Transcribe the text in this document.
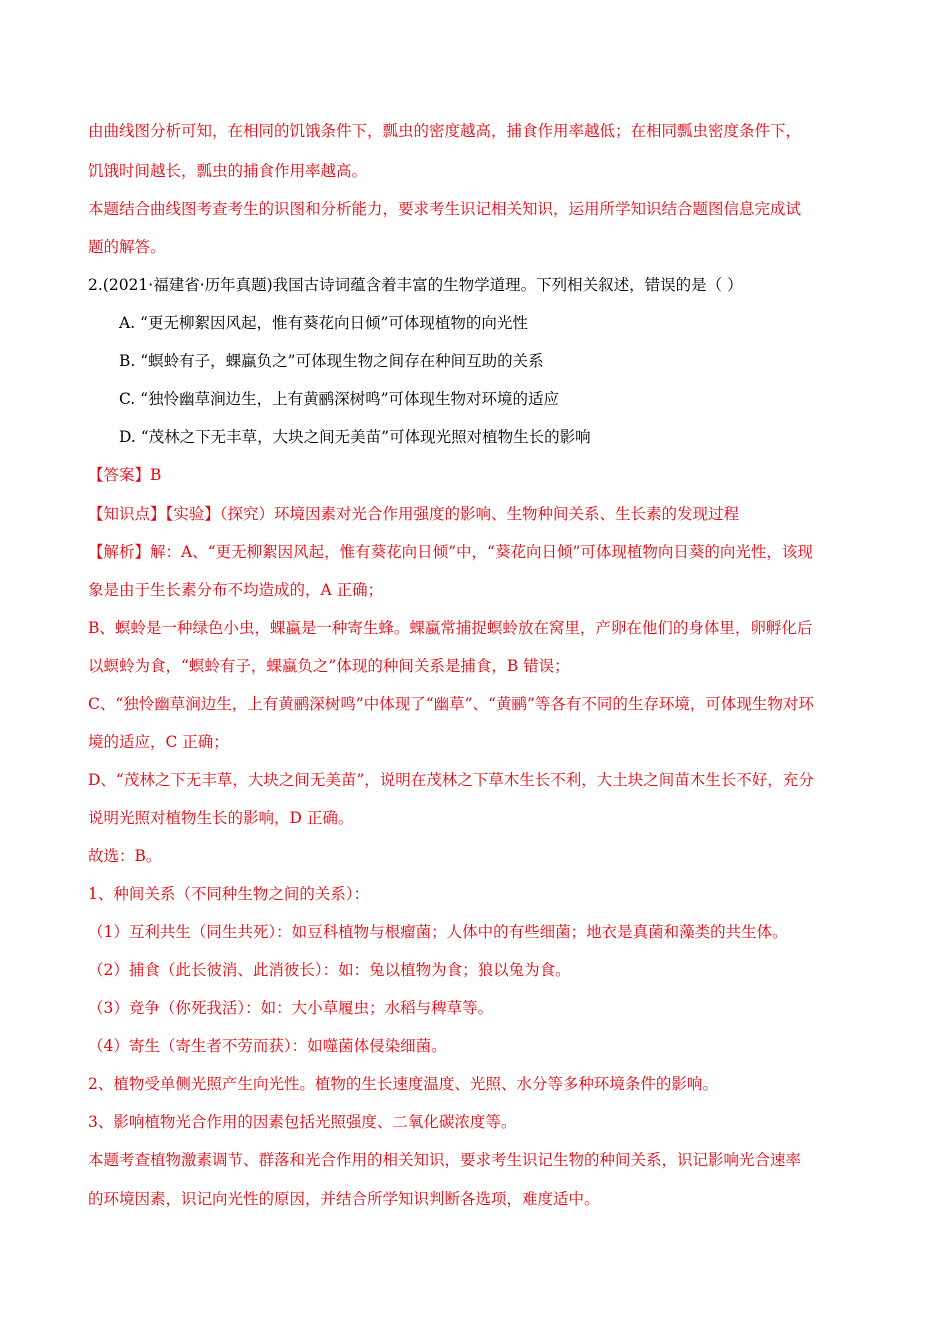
由曲线图分析可知，在相同的饥饿条件下，瓢虫的密度越高，捕食作用率越低；在相同瓢虫密度条件下，
饥饿时间越长，瓢虫的捕食作用率越高。
本题结合曲线图考查考生的识图和分析能力，要求考生识记相关知识，运用所学知识结合题图信息完成试
题的解答。
2.(2021·福建省·历年真题)我国古诗词蕴含着丰富的生物学道理。下列相关叙述，错误的是（ ）
A. “更无柳絮因风起，惟有葵花向日倾”可体现植物的向光性
B. “螟蛉有子，蜾蠃负之”可体现生物之间存在种间互助的关系
C. “独怜幽草涧边生，上有黄鹂深树鸣”可体现生物对环境的适应
D. “茂林之下无丰草，大块之间无美苗”可体现光照对植物生长的影响
【答案】B
【知识点】【实验】（探究）环境因素对光合作用强度的影响、生物种间关系、生长素的发现过程
【解析】解：A、“更无柳絮因风起，惟有葵花向日倾”中，“葵花向日倾”可体现植物向日葵的向光性，该现
象是由于生长素分布不均造成的，A 正确；
B、螟蛉是一种绿色小虫，蜾蠃是一种寄生蜂。蜾蠃常捕捉螟蛉放在窝里，产卵在他们的身体里，卵孵化后
以螟蛉为食，“螟蛉有子，蜾蠃负之”体现的种间关系是捕食，B 错误；
C、“独怜幽草涧边生，上有黄鹂深树鸣”中体现了“幽草”、“黄鹂”等各有不同的生存环境，可体现生物对环
境的适应，C 正确；
D、“茂林之下无丰草，大块之间无美苗”，说明在茂林之下草木生长不利，大土块之间苗木生长不好，充分
说明光照对植物生长的影响，D 正确。
故选：B。
1、种间关系（不同种生物之间的关系）：
（1）互利共生（同生共死）：如豆科植物与根瘤菌；人体中的有些细菌；地衣是真菌和藻类的共生体。
（2）捕食（此长彼消、此消彼长）：如：兔以植物为食；狼以兔为食。
（3）竞争（你死我活）：如：大小草履虫；水稻与稗草等。
（4）寄生（寄生者不劳而获）：如噬菌体侵染细菌。
2、植物受单侧光照产生向光性。植物的生长速度温度、光照、水分等多种环境条件的影响。
3、影响植物光合作用的因素包括光照强度、二氧化碳浓度等。
本题考查植物激素调节、群落和光合作用的相关知识，要求考生识记生物的种间关系，识记影响光合速率
的环境因素，识记向光性的原因，并结合所学知识判断各选项，难度适中。
